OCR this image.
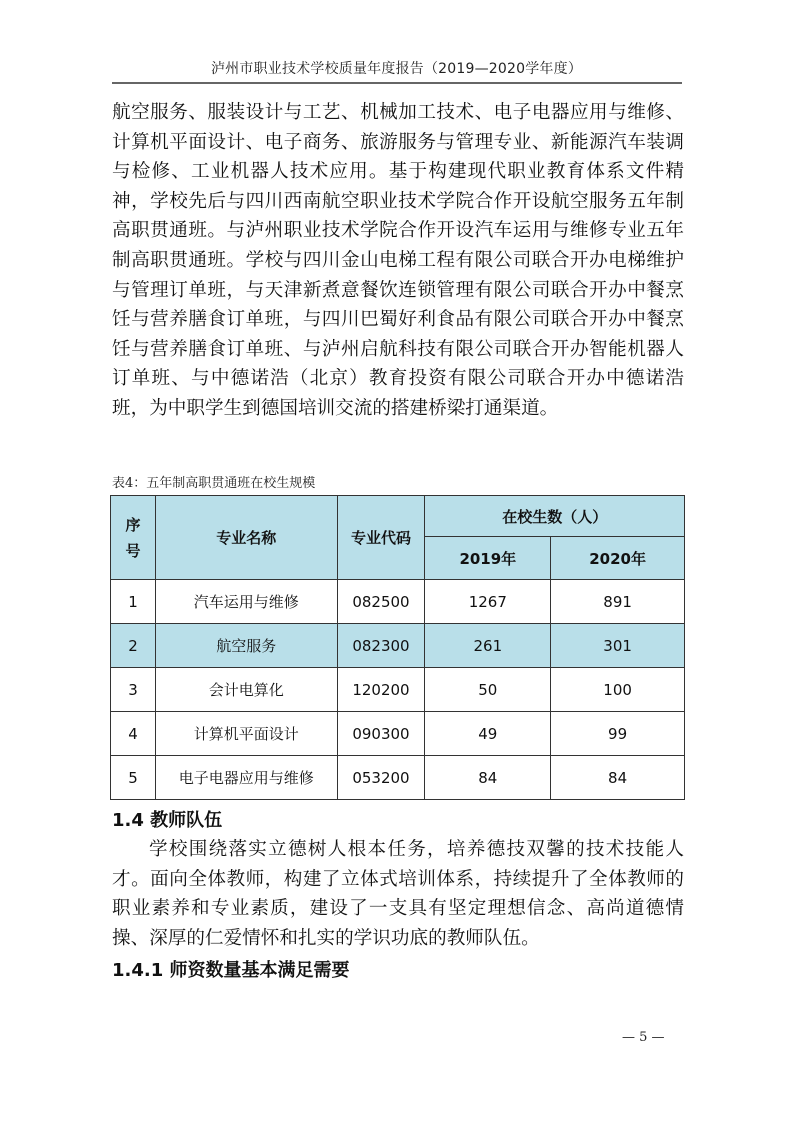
泸州市职业技术学校质量年度报告（2019—2020学年度）
航空服务、服装设计与工艺、机械加工技术、电子电器应用与维修、
计算机平面设计、电子商务、旅游服务与管理专业、新能源汽车装调
与检修、工业机器人技术应用。基于构建现代职业教育体系文件精
神，学校先后与四川西南航空职业技术学院合作开设航空服务五年制
高职贯通班。与泸州职业技术学院合作开设汽车运用与维修专业五年
制高职贯通班。学校与四川金山电梯工程有限公司联合开办电梯维护
与管理订单班，与天津新煮意餐饮连锁管理有限公司联合开办中餐烹
饪与营养膳食订单班，与四川巴蜀好利食品有限公司联合开办中餐烹
饪与营养膳食订单班、与泸州启航科技有限公司联合开办智能机器人
订单班、与中德诺浩（北京）教育投资有限公司联合开办中德诺浩
班，为中职学生到德国培训交流的搭建桥梁打通渠道。
表4：五年制高职贯通班在校生规模
序
号	专业名称	专业代码	在校生数（人）	
			2019年	2020年
1	汽车运用与维修	082500	1267	891
2	航空服务	082300	261	301
3	会计电算化	120200	50	100
4	计算机平面设计	090300	49	99
5	电子电器应用与维修	053200	84	84
1.4 教师队伍
学校围绕落实立德树人根本任务，培养德技双馨的技术技能人
才。面向全体教师，构建了立体式培训体系，持续提升了全体教师的
职业素养和专业素质，建设了一支具有坚定理想信念、高尚道德情
操、深厚的仁爱情怀和扎实的学识功底的教师队伍。
1.4.1 师资数量基本满足需要
— 5 —
